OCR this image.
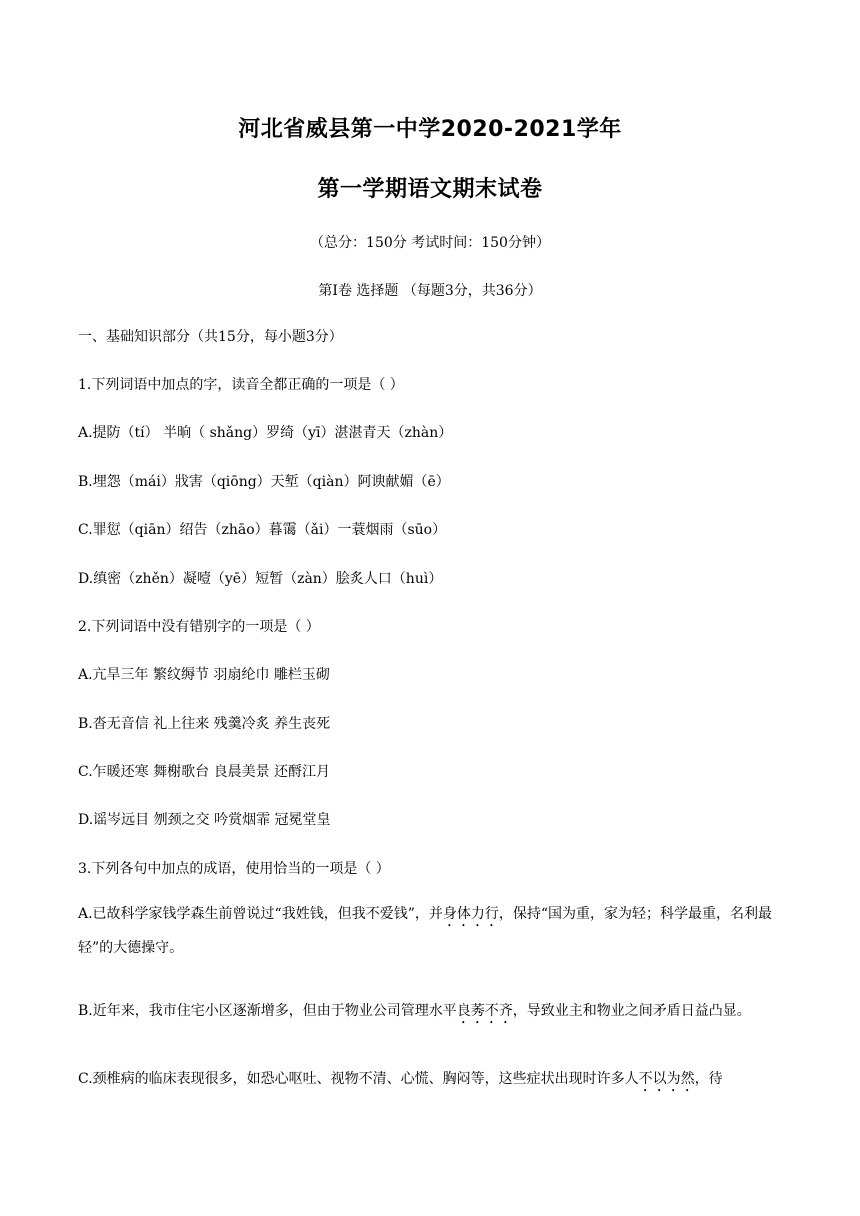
河北省威县第一中学2020-2021学年
第一学期语文期末试卷
（总分：150分 考试时间：150分钟）
第I卷 选择题 （每题3分，共36分）
一、基础知识部分（共15分，每小题3分）
1.下列词语中加点的字，读音全都正确的一项是（ ）
A.提防（tí） 半晌（ shǎng）罗绮（yī）湛湛青天（zhàn）
B.埋怨（mái）戕害（qiōng）天堑（qiàn）阿谀献媚（ē）
C.罪愆（qiān）绍告（zhāo）暮霭（ǎi）一蓑烟雨（sūo）
D.缜密（zhěn）凝噎（yē）短暂（zàn）脍炙人口（huì）
2.下列词语中没有错别字的一项是（ ）
A.亢旱三年 繁纹缛节 羽扇纶巾 雕栏玉砌
B.沓无音信 礼上往来 残羹冷炙 养生丧死
C.乍暖还寒 舞榭歌台 良晨美景 还酹江月
D.谣岑远目 刎颈之交 吟赏烟霏 冠冕堂皇
3.下列各句中加点的成语，使用恰当的一项是（ ）
A.已故科学家钱学森生前曾说过“我姓钱，但我不爱钱”，并身体力行，保持“国为重，家为轻；科学最重，名利最轻”的大德操守。
B.近年来，我市住宅小区逐渐增多，但由于物业公司管理水平良莠不齐，导致业主和物业之间矛盾日益凸显。
C.颈椎病的临床表现很多，如恐心呕吐、视物不清、心慌、胸闷等，这些症状出现时许多人不以为然，待
